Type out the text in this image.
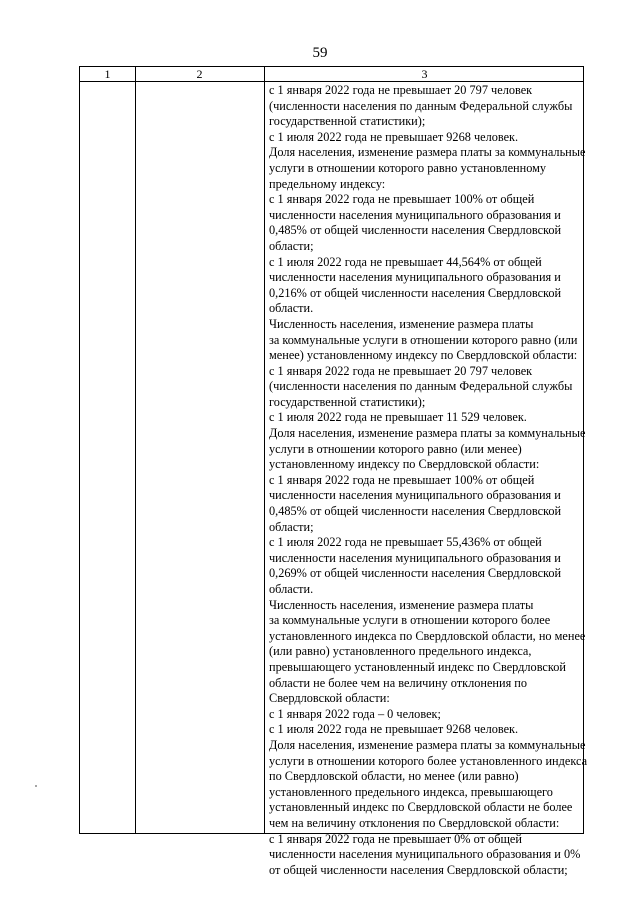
59
1	2	3
с 1 января 2022 года не превышает 20 797 человек
(численности населения по данным Федеральной службы
государственной статистики);
с 1 июля 2022 года не превышает 9268 человек.
Доля населения, изменение размера платы за коммунальные
услуги в отношении которого равно установленному
предельному индексу:
с 1 января 2022 года не превышает 100% от общей
численности населения муниципального образования и
0,485% от общей численности населения Свердловской
области;
с 1 июля 2022 года не превышает 44,564% от общей
численности населения муниципального образования и
0,216% от общей численности населения Свердловской
области.
Численность населения, изменение размера платы
за коммунальные услуги в отношении которого равно (или
менее) установленному индексу по Свердловской области:
с 1 января 2022 года не превышает 20 797 человек
(численности населения по данным Федеральной службы
государственной статистики);
с 1 июля 2022 года не превышает 11 529 человек.
Доля населения, изменение размера платы за коммунальные
услуги в отношении которого равно (или менее)
установленному индексу по Свердловской области:
с 1 января 2022 года не превышает 100% от общей
численности населения муниципального образования и
0,485% от общей численности населения Свердловской
области;
с 1 июля 2022 года не превышает 55,436% от общей
численности населения муниципального образования и
0,269% от общей численности населения Свердловской
области.
Численность населения, изменение размера платы
за коммунальные услуги в отношении которого более
установленного индекса по Свердловской области, но менее
(или равно) установленного предельного индекса,
превышающего установленный индекс по Свердловской
области не более чем на величину отклонения по
Свердловской области:
с 1 января 2022 года – 0 человек;
с 1 июля 2022 года не превышает 9268 человек.
Доля населения, изменение размера платы за коммунальные
услуги в отношении которого более установленного индекса
по Свердловской области, но менее (или равно)
установленного предельного индекса, превышающего
установленный индекс по Свердловской области не более
чем на величину отклонения по Свердловской области:
с 1 января 2022 года не превышает 0% от общей
численности населения муниципального образования и 0%
от общей численности населения Свердловской области;
